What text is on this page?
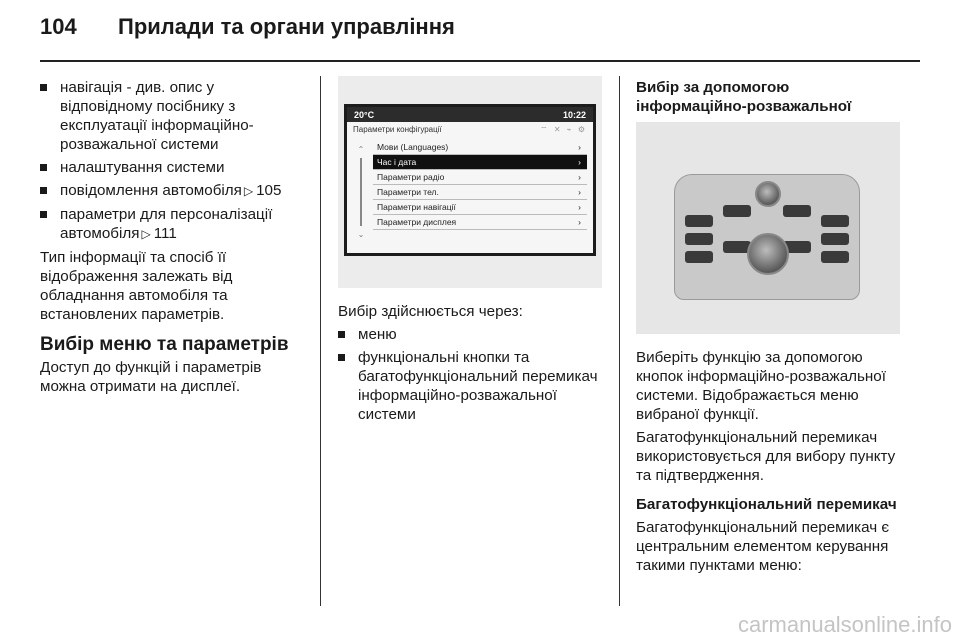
104 Прилади та органи управління
навігація - див. опис у відповідному посібнику з експлуатації інформаційно-розважальної системи
налаштування системи
повідомлення автомобіля ▷ 105
параметри для персоналізації автомобіля ▷ 111

Тип інформації та спосіб її відображення залежать від обладнання автомобіля та встановлених параметрів.

Вибір меню та параметрів

Доступ до функцій і параметрів можна отримати на дисплеї.

20°C	10:22
Параметри конфігурації	⌔ ✕ ⌁ ⚙
⌃
⌄
Мови (Languages)	›
Час і дата	›
Параметри радіо	›
Параметри тел.	›
Параметри навігації	›
Параметри дисплея	›

Вибір здійснюється через:

меню
функціональні кнопки та багатофункціональний перемикач інформаційно-розважальної системи

Вибір за допомогою інформаційно-розважальної

Виберіть функцію за допомогою кнопок інформаційно-розважальної системи. Відображається меню вибраної функції.

Багатофункціональний перемикач використовується для вибору пункту та підтвердження.

Багатофункціональний перемикач

Багатофункціональний перемикач є центральним елементом керування такими пунктами меню:

carmanualsonline.info
